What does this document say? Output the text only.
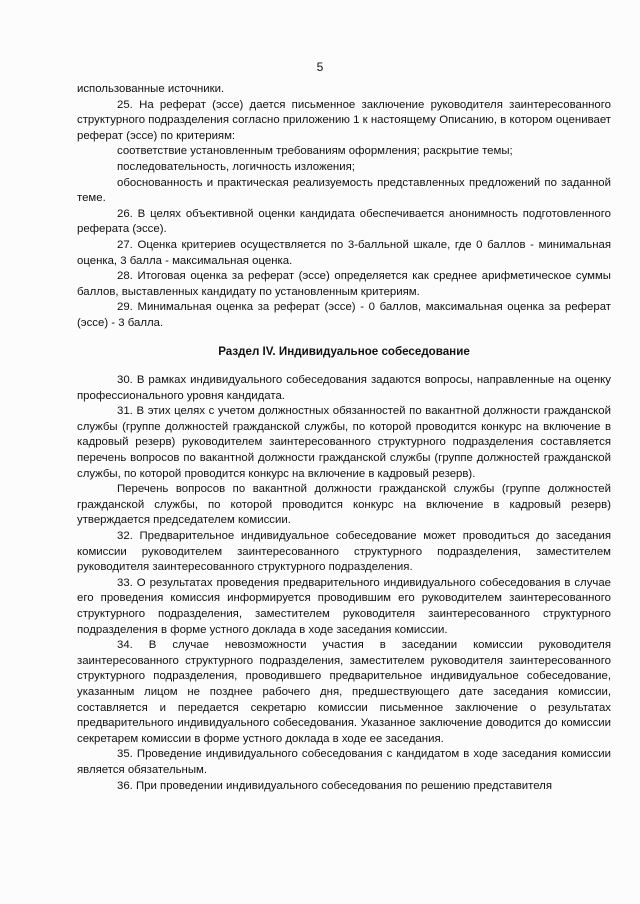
5

использованные источники.

25. На реферат (эссе) дается письменное заключение руководителя заинтересованного структурного подразделения согласно приложению 1 к настоящему Описанию, в котором оценивает реферат (эссе) по критериям:

соответствие установленным требованиям оформления; раскрытие темы;

последовательность, логичность изложения;

обоснованность и практическая реализуемость представленных предложений по заданной теме.

26. В целях объективной оценки кандидата обеспечивается анонимность подготовленного реферата (эссе).

27. Оценка критериев осуществляется по 3-балльной шкале, где 0 баллов - минимальная оценка, 3 балла - максимальная оценка.

28. Итоговая оценка за реферат (эссе) определяется как среднее арифметическое суммы баллов, выставленных кандидату по установленным критериям.

29. Минимальная оценка за реферат (эссе) - 0 баллов, максимальная оценка за реферат (эссе) - 3 балла.

Раздел IV. Индивидуальное собеседование

30. В рамках индивидуального собеседования задаются вопросы, направленные на оценку профессионального уровня кандидата.

31. В этих целях с учетом должностных обязанностей по вакантной должности гражданской службы (группе должностей гражданской службы, по которой проводится конкурс на включение в кадровый резерв) руководителем заинтересованного структурного подразделения составляется перечень вопросов по вакантной должности гражданской службы (группе должностей гражданской службы, по которой проводится конкурс на включение в кадровый резерв).

Перечень вопросов по вакантной должности гражданской службы (группе должностей гражданской службы, по которой проводится конкурс на включение в кадровый резерв) утверждается председателем комиссии.

32. Предварительное индивидуальное собеседование может проводиться до заседания комиссии руководителем заинтересованного структурного подразделения, заместителем руководителя заинтересованного структурного подразделения.

33. О результатах проведения предварительного индивидуального собеседования в случае его проведения комиссия информируется проводившим его руководителем заинтересованного структурного подразделения, заместителем руководителя заинтересованного структурного подразделения в форме устного доклада в ходе заседания комиссии.

34. В случае невозможности участия в заседании комиссии руководителя заинтересованного структурного подразделения, заместителем руководителя заинтересованного структурного подразделения, проводившего предварительное индивидуальное собеседование, указанным лицом не позднее рабочего дня, предшествующего дате заседания комиссии, составляется и передается секретарю комиссии письменное заключение о результатах предварительного индивидуального собеседования. Указанное заключение доводится до комиссии секретарем комиссии в форме устного доклада в ходе ее заседания.

35. Проведение индивидуального собеседования с кандидатом в ходе заседания комиссии является обязательным.

36. При проведении индивидуального собеседования по решению представителя
